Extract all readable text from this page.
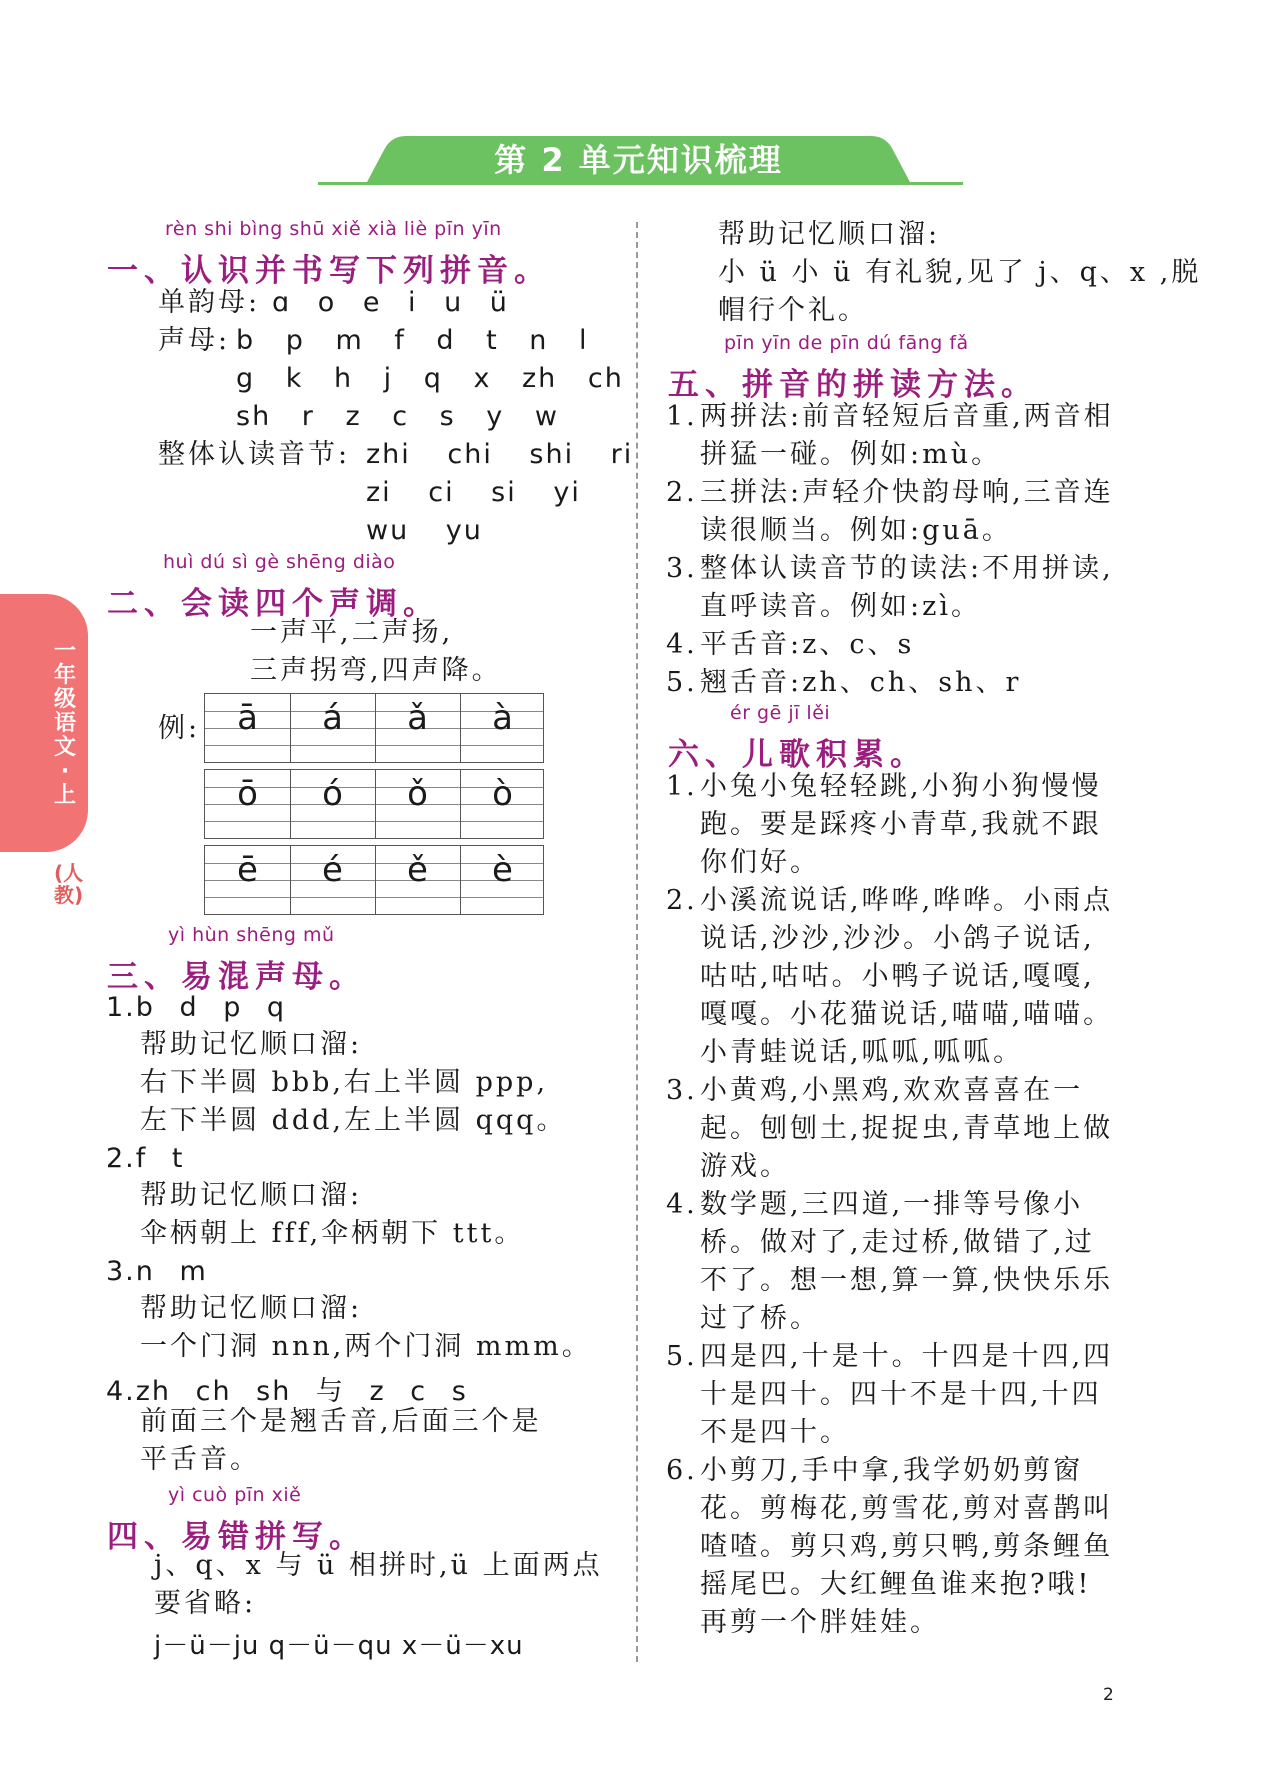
第 2 单元知识梳理
一年级语文·上
(人教)
rèn shi bìng shū xiě xià liè pīn yīn
一、认识并书写下列拼音。
单韵母: ɑ o e i u ü
声母: b p m f d t n l
g k h j q x zh ch
sh r z c s y w
整体认读音节: zhi chi shi ri
zi ci si yi
wu yu
huì dú sì gè shēng diào
二、会读四个声调。
一声平,二声扬,
三声拐弯,四声降。
例:	ā	á	ǎ	à
ō	ó	ǒ	ò
ē	é	ě	è
yì hùn shēng mǔ
三、易混声母。
1.b d p q
帮助记忆顺口溜:
右下半圆 bbb,右上半圆 ppp,
左下半圆 ddd,左上半圆 qqq。
2.f t
帮助记忆顺口溜:
伞柄朝上 fff,伞柄朝下 ttt。
3.n m
帮助记忆顺口溜:
一个门洞 nnn,两个门洞 mmm。
4.zh ch sh 与 z c s
前面三个是翘舌音,后面三个是
平舌音。
yì cuò pīn xiě
四、易错拼写。
j、q、x 与 ü 相拼时,ü 上面两点
要省略:
j－ü－ju q－ü－qu x－ü－xu
帮助记忆顺口溜:
小 ü 小 ü 有礼貌,见了 j、q、x ,脱
帽行个礼。
pīn yīn de pīn dú fāng fǎ
五、拼音的拼读方法。
1. 两拼法:前音轻短后音重,两音相
拼猛一碰。例如:mù。
2. 三拼法:声轻介快韵母响,三音连
读很顺当。例如:guā。
3. 整体认读音节的读法:不用拼读,
直呼读音。例如:zì。
4. 平舌音:z、c、s
5. 翘舌音:zh、ch、sh、r
ér gē jī lěi
六、儿歌积累。
1. 小兔小兔轻轻跳,小狗小狗慢慢
跑。要是踩疼小青草,我就不跟
你们好。
2. 小溪流说话,哗哗,哗哗。小雨点
说话,沙沙,沙沙。小鸽子说话,
咕咕,咕咕。小鸭子说话,嘎嘎,
嘎嘎。小花猫说话,喵喵,喵喵。
小青蛙说话,呱呱,呱呱。
3. 小黄鸡,小黑鸡,欢欢喜喜在一
起。刨刨土,捉捉虫,青草地上做
游戏。
4. 数学题,三四道,一排等号像小
桥。做对了,走过桥,做错了,过
不了。想一想,算一算,快快乐乐
过了桥。
5. 四是四,十是十。十四是十四,四
十是四十。四十不是十四,十四
不是四十。
6. 小剪刀,手中拿,我学奶奶剪窗
花。剪梅花,剪雪花,剪对喜鹊叫
喳喳。剪只鸡,剪只鸭,剪条鲤鱼
摇尾巴。大红鲤鱼谁来抱?哦!
再剪一个胖娃娃。
2
